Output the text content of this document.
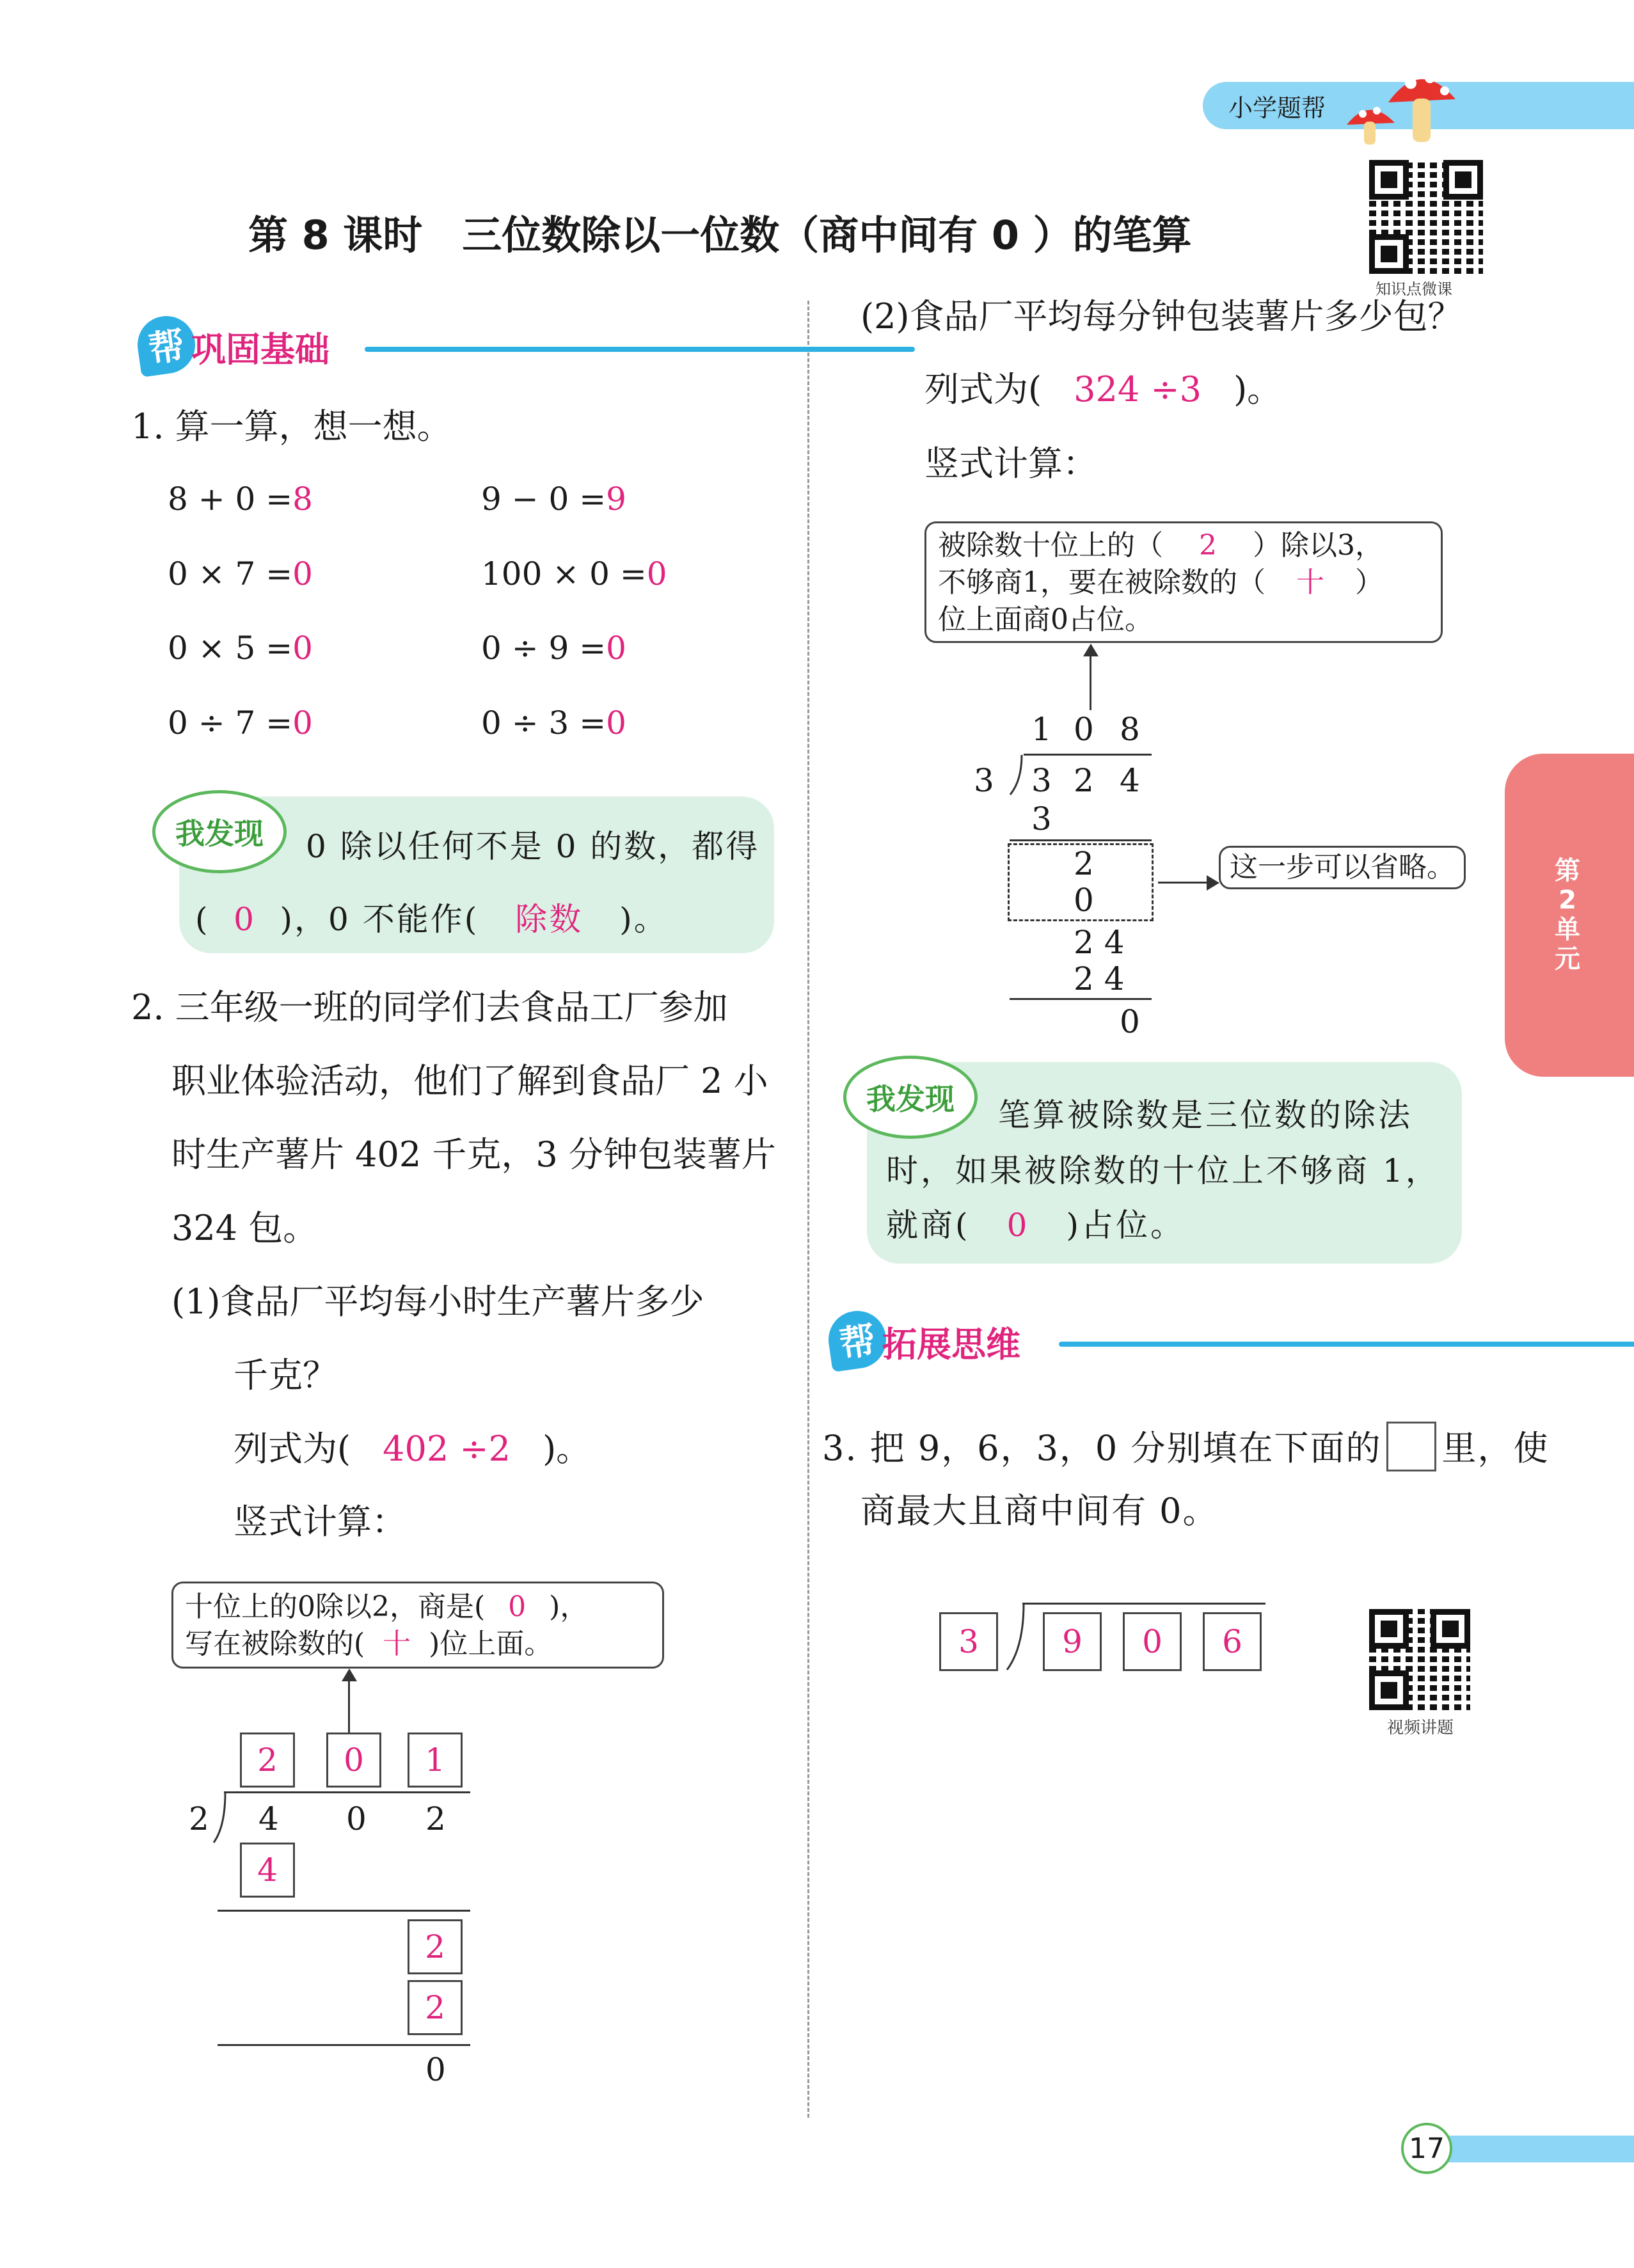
小学题帮
知识点微课
第 8 课时　三位数除以一位数（商中间有 0 ）的笔算
帮 巩固基础
1. 算一算，想一想。
8 + 0 =8	9 − 0 =9
0 × 7 =0	100 × 0 =0
0 × 5 =0	0 ÷ 9 =0
0 ÷ 7 =0	0 ÷ 3 =0
我发现	0 除以任何不是 0 的数，都得
( 0 )，0 不能作( 除数 )。
2. 三年级一班的同学们去食品工厂参加
职业体验活动，他们了解到食品厂 2 小
时生产薯片 402 千克，3 分钟包装薯片
324 包。
(1)食品厂平均每小时生产薯片多少
千克？
列式为( 402 ÷2 )。
竖式计算：
十位上的0除以2，商是( 0 )，
写在被除数的( 十 )位上面。
2	0	1
2 4 0 2
4
2
2
0
(2)食品厂平均每分钟包装薯片多少包？
列式为( 324 ÷3 )。
竖式计算：
被除数十位上的（ 2 ）除以3，
不够商1，要在被除数的（ 十 ）
位上面商0占位。
1 0 8
3 3 2 4
3
2
0
2 4
2 4
0
这一步可以省略。
我发现	笔算被除数是三位数的除法
时，如果被除数的十位上不够商 1，
就商( 0 )占位。
帮 拓展思维
3. 把 9，6，3，0 分别填在下面的 里，使
商最大且商中间有 0。
3	9	0	6
视频讲题
第
2
单
元
17
